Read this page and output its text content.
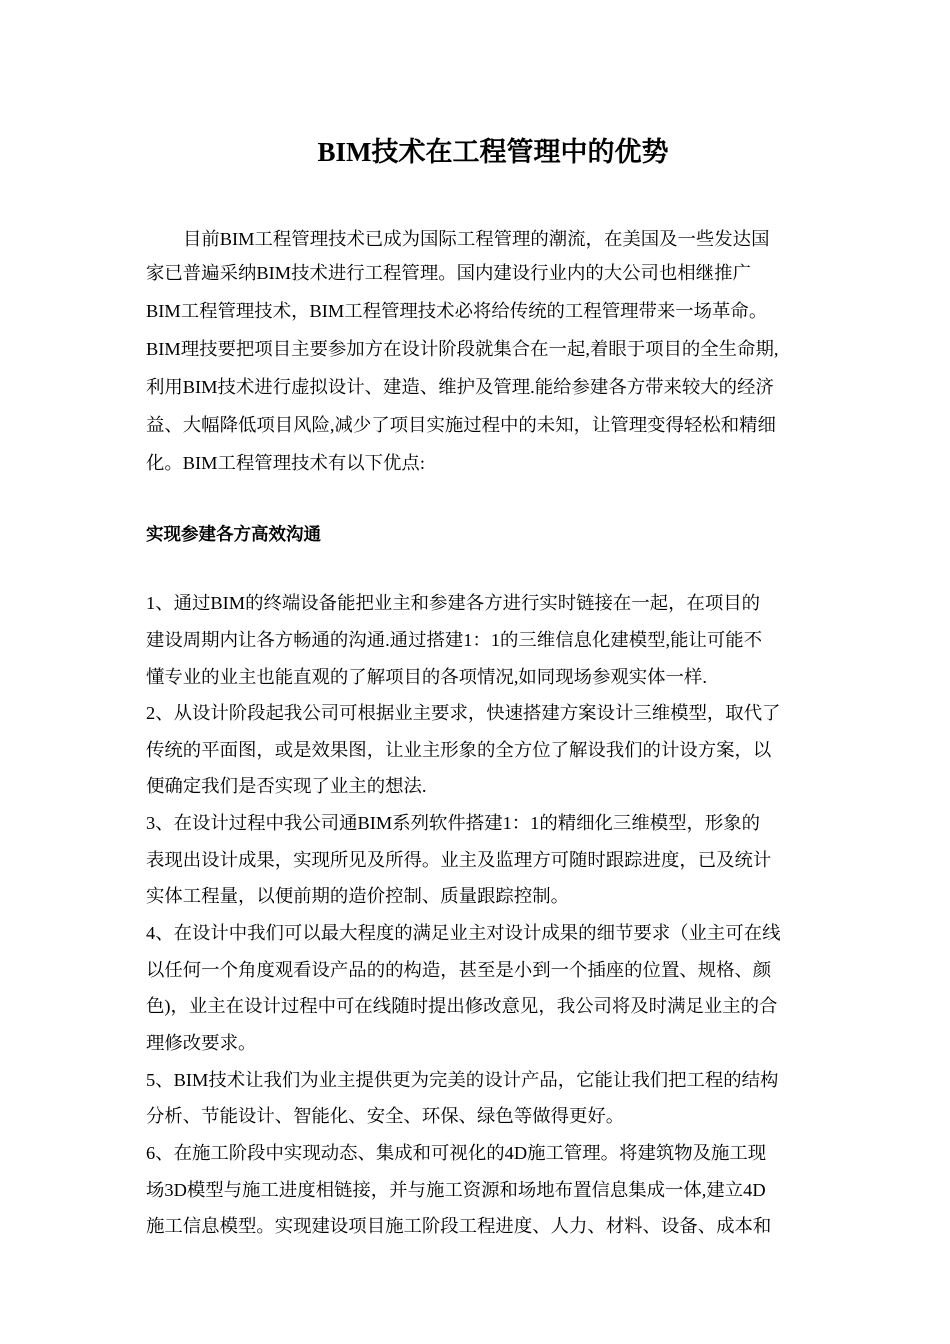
BIM技术在工程管理中的优势

目前BIM工程管理技术已成为国际工程管理的潮流，在美国及一些发达国

家已普遍采纳BIM技术进行工程管理。国内建设行业内的大公司也相继推广

BIM工程管理技术，BIM工程管理技术必将给传统的工程管理带来一场革命。

BIM理技要把项目主要参加方在设计阶段就集合在一起,着眼于项目的全生命期,

利用BIM技术进行虚拟设计、建造、维护及管理.能给参建各方带来较大的经济

益、大幅降低项目风险,减少了项目实施过程中的未知，让管理变得轻松和精细

化。BIM工程管理技术有以下优点:

实现参建各方高效沟通

1、通过BIM的终端设备能把业主和参建各方进行实时链接在一起，在项目的

建设周期内让各方畅通的沟通.通过搭建1：1的三维信息化建模型,能让可能不

懂专业的业主也能直观的了解项目的各项情况,如同现场参观实体一样.

2、从设计阶段起我公司可根据业主要求，快速搭建方案设计三维模型，取代了

传统的平面图，或是效果图，让业主形象的全方位了解设我们的计设方案，以

便确定我们是否实现了业主的想法.

3、在设计过程中我公司通BIM系列软件搭建1：1的精细化三维模型，形象的

表现出设计成果，实现所见及所得。业主及监理方可随时跟踪进度，已及统计

实体工程量，以便前期的造价控制、质量跟踪控制。

4、在设计中我们可以最大程度的满足业主对设计成果的细节要求（业主可在线

以任何一个角度观看设产品的的构造，甚至是小到一个插座的位置、规格、颜

色)，业主在设计过程中可在线随时提出修改意见，我公司将及时满足业主的合

理修改要求。

5、BIM技术让我们为业主提供更为完美的设计产品，它能让我们把工程的结构

分析、节能设计、智能化、安全、环保、绿色等做得更好。

6、在施工阶段中实现动态、集成和可视化的4D施工管理。将建筑物及施工现

场3D模型与施工进度相链接，并与施工资源和场地布置信息集成一体,建立4D

施工信息模型。实现建设项目施工阶段工程进度、人力、材料、设备、成本和
